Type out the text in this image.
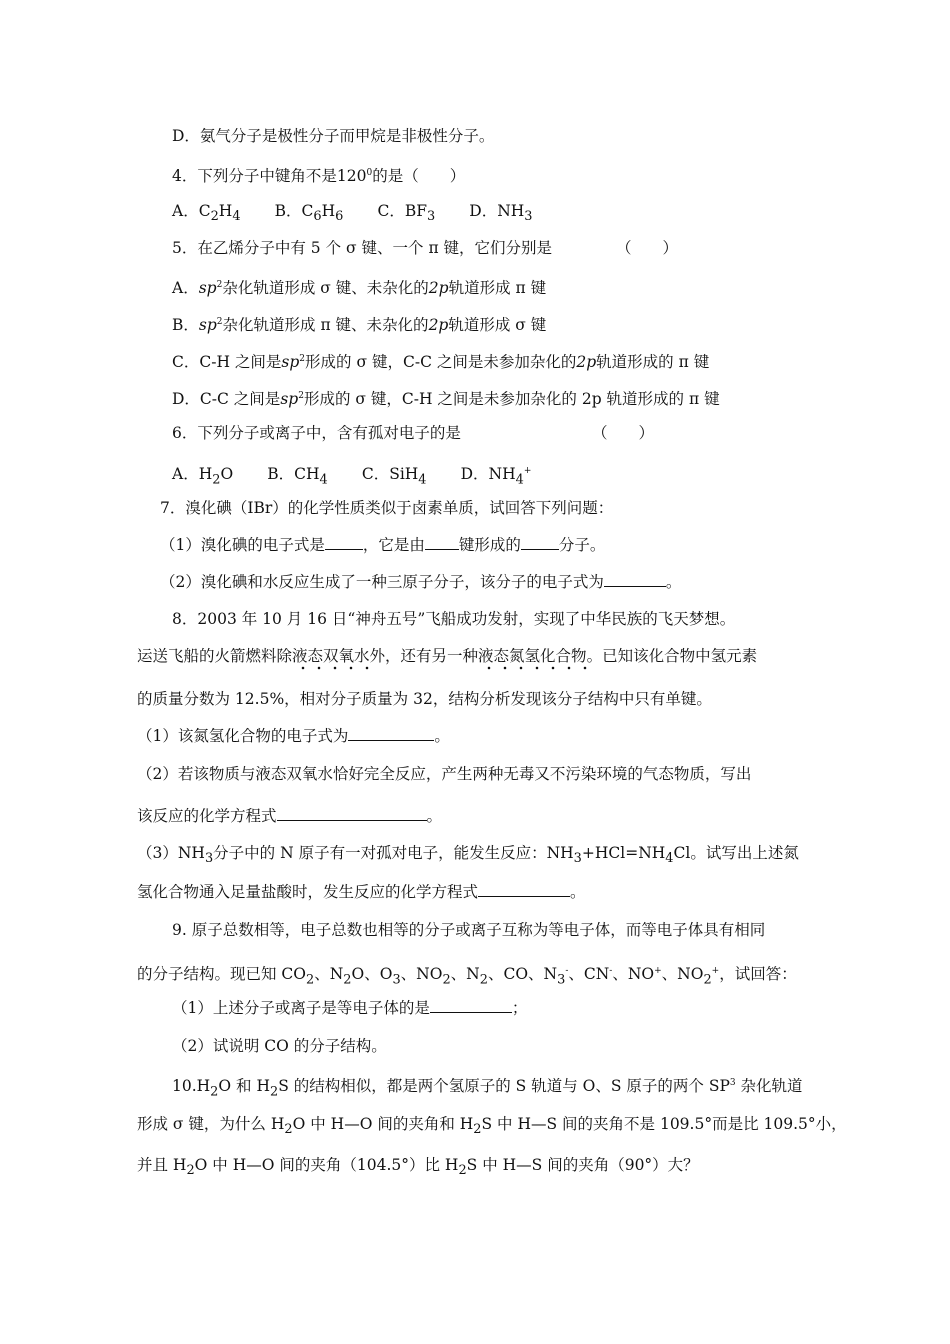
D．氨气分子是极性分子而甲烷是非极性分子。
4．下列分子中键角不是$120^0$的是（　　）
A．$C_2H_4$ B．$C_6H_6$ C．$BF_3$ D．$NH_3$
5．在乙烯分子中有 5 个 σ 键、一个 π 键，它们分别是	（　　）
A．$sp^2$杂化轨道形成 σ 键、未杂化的2p轨道形成 π 键
B．$sp^2$杂化轨道形成 π 键、未杂化的2p轨道形成 σ 键
C．C-H 之间是$sp^2$形成的 σ 键，C-C 之间是未参加杂化的2p轨道形成的 π 键
D．C-C 之间是$sp^2$形成的 σ 键，C-H 之间是未参加杂化的 2p 轨道形成的 π 键
6．下列分子或离子中，含有孤对电子的是	（　　）
A．$H_2O$ B．$CH_4$ C．SiH$_4$ D．$NH_4^+$
7．溴化碘（IBr）的化学性质类似于卤素单质，试回答下列问题：
（1）溴化碘的电子式是 ，它是由 键形成的 分子。
（2）溴化碘和水反应生成了一种三原子分子，该分子的电子式为	。
8．2003 年 10 月 16 日“神舟五号”飞船成功发射，实现了中华民族的飞天梦想。
运送飞船的火箭燃料除液态双氧水外，还有另一种液态氮氢化合物。已知该化合物中氢元素
的质量分数为 12.5%，相对分子质量为 32，结构分析发现该分子结构中只有单键。
（1）该氮氢化合物的电子式为	。
（2）若该物质与液态双氧水恰好完全反应，产生两种无毒又不污染环境的气态物质，写出
该反应的化学方程式	。
$(3)NH_3$分子中的 N 原子有一对孤对电子，能发生反应：$NH_3+HCl=NH_4Cl$。试写出上述氮
氢化合物通入足量盐酸时，发生反应的化学方程式	。
9. 原子总数相等，电子总数也相等的分子或离子互称为等电子体，而等电子体具有相同
的分子结构。现已知 $CO_2$、$N_2O$、$O_3$、$NO_2$、$N_2$、CO、$N_3^-$、CN-、NO+、$NO_2^+$，试回答：
（1）上述分子或离子是等电子体的是	；
（2）试说明 CO 的分子结构。
$10.H_2O$ 和 $H_2S$ 的结构相似，都是两个氢原子的 S 轨道与 O、S 原子的两个 $SP^3$ 杂化轨道
形成 σ 键，为什么 $H_2O$ 中 H—O 间的夹角和 $H_2S$ 中 H—S 间的夹角不是 109.5°而是比 109.5°小，
并且 $H_2O$ 中 H—O 间的夹角（104.5°）比 $H_2S$ 中 H—S 间的夹角（90°）大？
